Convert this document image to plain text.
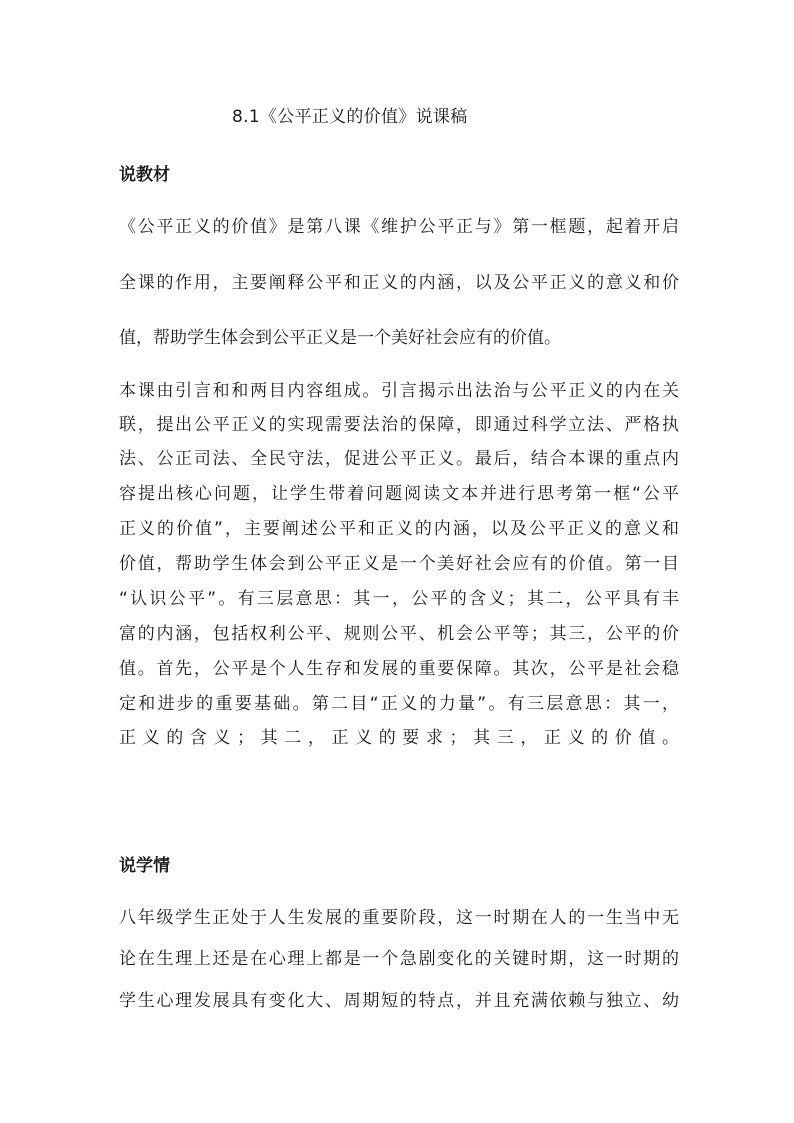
8.1《公平正义的价值》说课稿
说教材
《公平正义的价值》是第八课《维护公平正与》第一框题，起着开启
全课的作用，主要阐释公平和正义的内涵，以及公平正义的意义和价
值，帮助学生体会到公平正义是一个美好社会应有的价值。
本课由引言和和两目内容组成。引言揭示出法治与公平正义的内在关
联，提出公平正义的实现需要法治的保障，即通过科学立法、严格执
法、公正司法、全民守法，促进公平正义。最后，结合本课的重点内
容提出核心问题，让学生带着问题阅读文本并进行思考第一框“公平
正义的价值”，主要阐述公平和正义的内涵，以及公平正义的意义和
价值，帮助学生体会到公平正义是一个美好社会应有的价值。第一目
“认识公平”。有三层意思：其一，公平的含义；其二，公平具有丰
富的内涵，包括权利公平、规则公平、机会公平等；其三，公平的价
值。首先，公平是个人生存和发展的重要保障。其次，公平是社会稳
定和进步的重要基础。第二目“正义的力量”。有三层意思：其一，
正义的含义；其二，正义的要求；其三，正义的价值。
说学情
八年级学生正处于人生发展的重要阶段，这一时期在人的一生当中无
论在生理上还是在心理上都是一个急剧变化的关键时期，这一时期的
学生心理发展具有变化大、周期短的特点，并且充满依赖与独立、幼
